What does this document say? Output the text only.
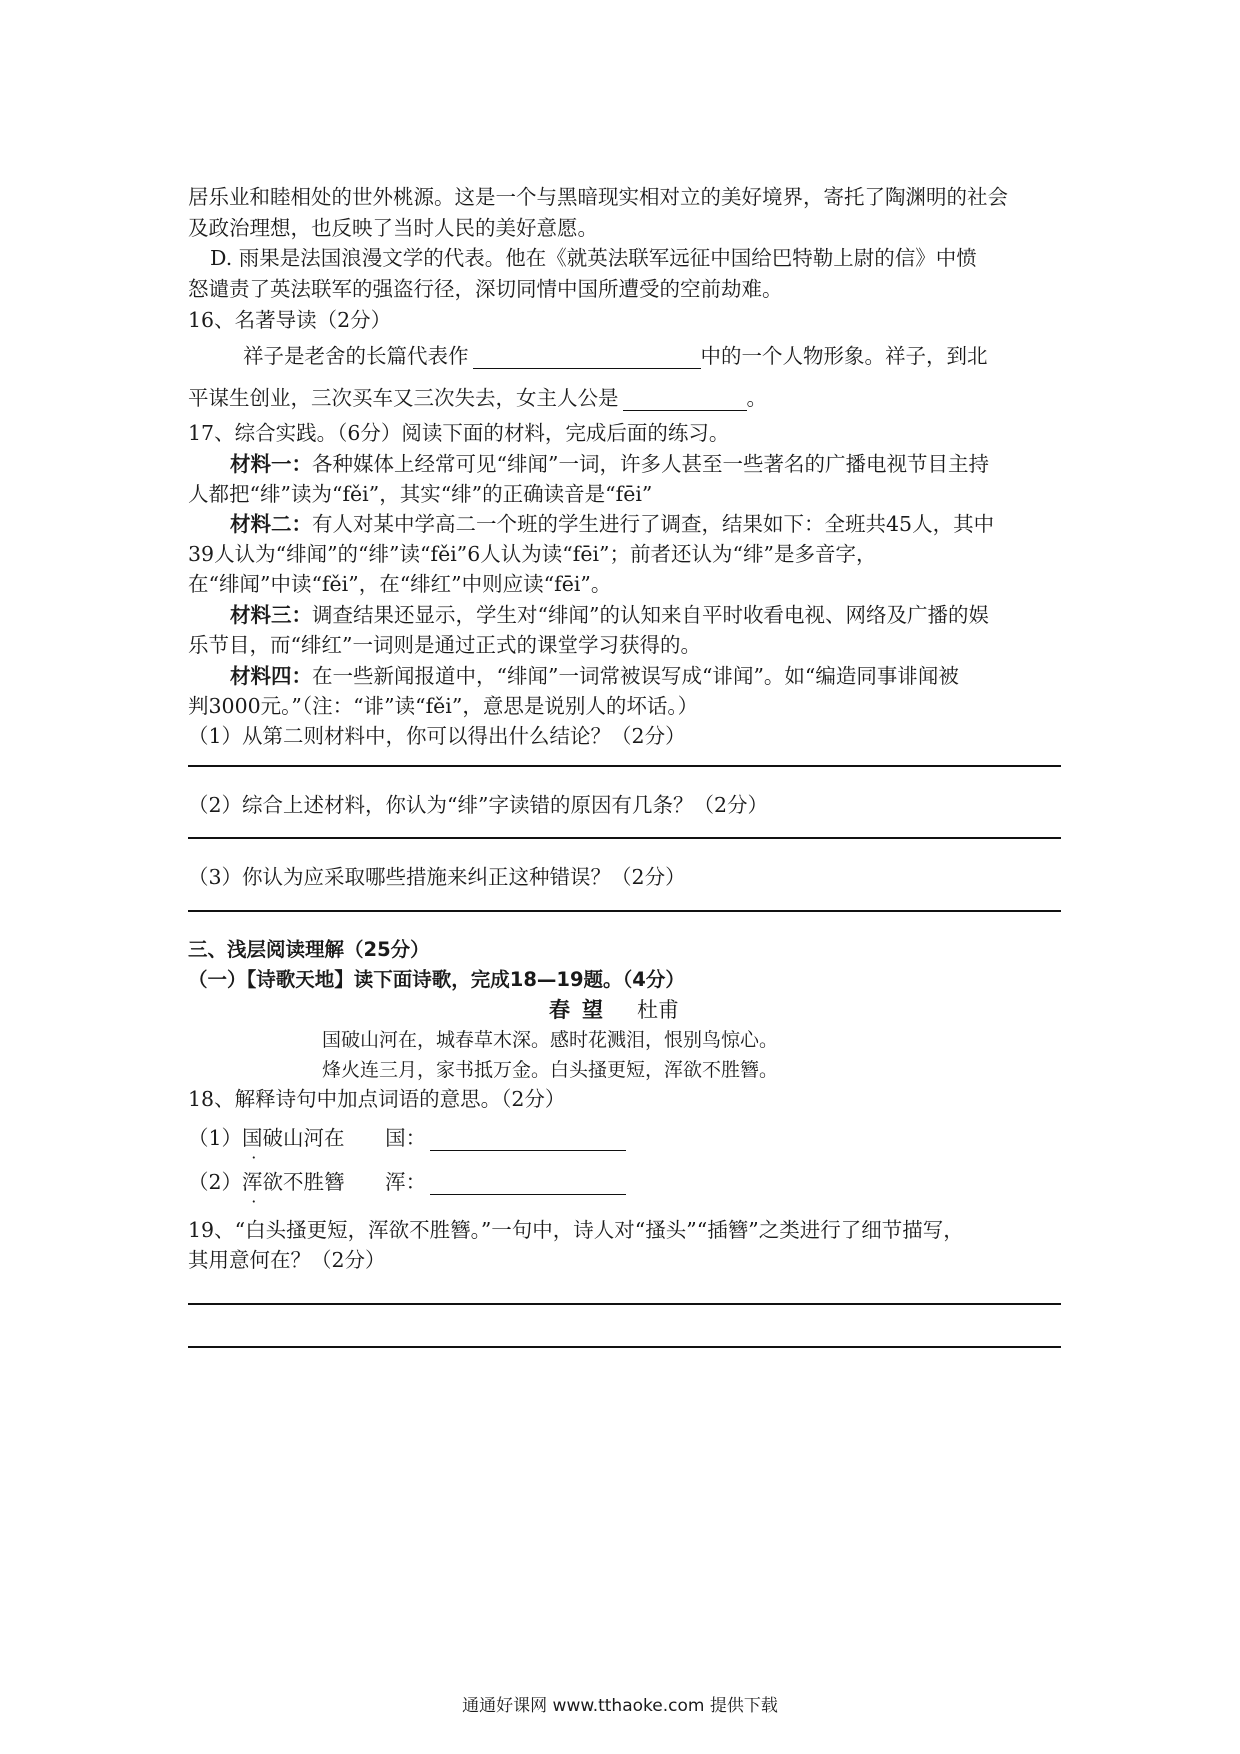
居乐业和睦相处的世外桃源。这是一个与黑暗现实相对立的美好境界，寄托了陶渊明的社会
及政治理想，也反映了当时人民的美好意愿。
D. 雨果是法国浪漫文学的代表。他在《就英法联军远征中国给巴特勒上尉的信》中愤
怒谴责了英法联军的强盗行径，深切同情中国所遭受的空前劫难。
16、名著导读（2分）
祥子是老舍的长篇代表作	中的一个人物形象。祥子，到北
平谋生创业，三次买车又三次失去，女主人公是	。
17、综合实践。（6分）阅读下面的材料，完成后面的练习。
材料一：各种媒体上经常可见“绯闻”一词，许多人甚至一些著名的广播电视节目主持
人都把“绯”读为“fěi”，其实“绯”的正确读音是“fēi”
材料二：有人对某中学高二一个班的学生进行了调查，结果如下：全班共45人，其中
39人认为“绯闻”的“绯”读“fěi”6人认为读“fēi”；前者还认为“绯”是多音字，
在“绯闻”中读“fěi”，在“绯红”中则应读“fēi”。
材料三：调查结果还显示，学生对“绯闻”的认知来自平时收看电视、网络及广播的娱
乐节目，而“绯红”一词则是通过正式的课堂学习获得的。
材料四：在一些新闻报道中，“绯闻”一词常被误写成“诽闻”。如“编造同事诽闻被
判3000元。”（注：“诽”读“fěi”，意思是说别人的坏话。）
（1）从第二则材料中，你可以得出什么结论？（2分）
（2）综合上述材料，你认为“绯”字读错的原因有几条？（2分）
（3）你认为应采取哪些措施来纠正这种错误？（2分）
三、浅层阅读理解（25分）
（一）【诗歌天地】读下面诗歌，完成18—19题。（4分）
春望 杜甫
国破山河在，城春草木深。感时花溅泪，恨别鸟惊心。
烽火连三月，家书抵万金。白头搔更短，浑欲不胜簪。
18、解释诗句中加点词语的意思。（2分）
（1）国破山河在 国：
（2）浑欲不胜簪 浑：
19、“白头搔更短，浑欲不胜簪。”一句中，诗人对“搔头”“插簪”之类进行了细节描写，
其用意何在？（2分）
通通好课网 www.tthaoke.com 提供下载
